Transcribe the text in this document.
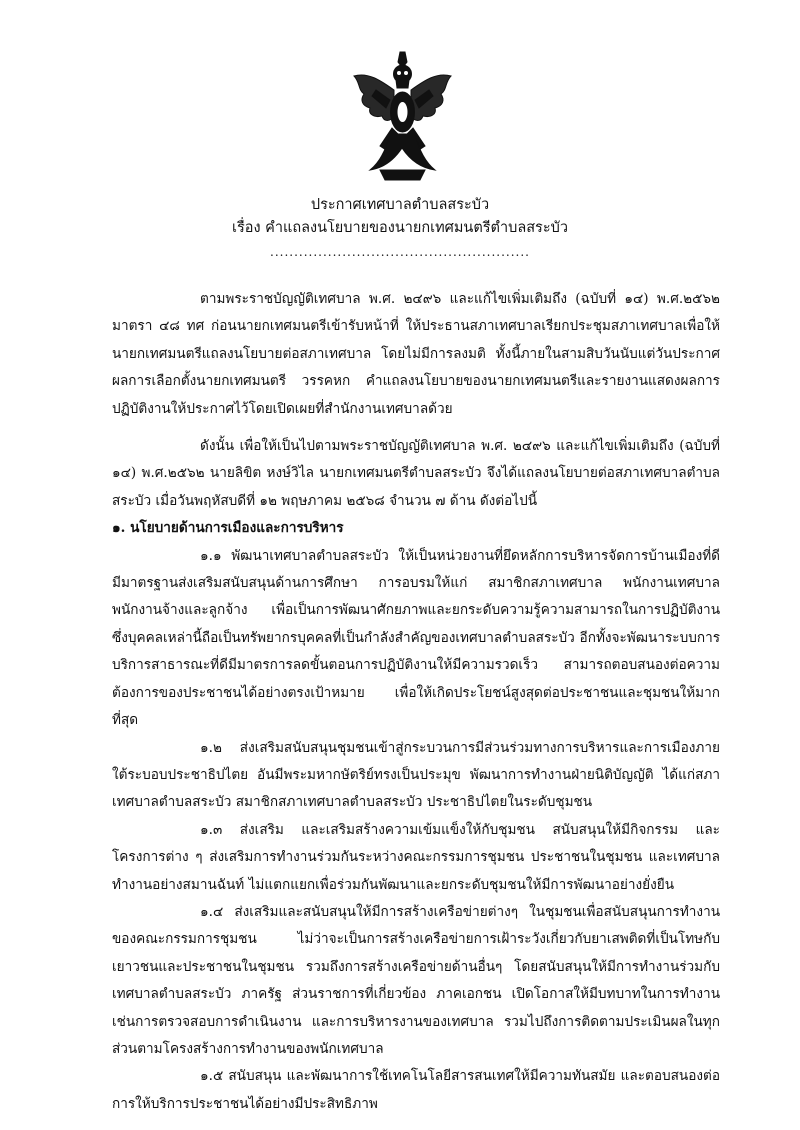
ประกาศเทศบาลตำบลสระบัว
เรื่อง คำแถลงนโยบายของนายกเทศมนตรีตำบลสระบัว
......................................................

ตามพระราชบัญญัติเทศบาล พ.ศ. ๒๔๙๖ และแก้ไขเพิ่มเติมถึง (ฉบับที่ ๑๔) พ.ศ.๒๕๖๒ มาตรา ๔๘ ทศ ก่อนนายกเทศมนตรีเข้ารับหน้าที่ ให้ประธานสภาเทศบาลเรียกประชุมสภาเทศบาลเพื่อให้นายกเทศมนตรีแถลงนโยบายต่อสภาเทศบาล โดยไม่มีการลงมติ ทั้งนี้ภายในสามสิบวันนับแต่วันประกาศผลการเลือกตั้งนายกเทศมนตรี วรรคหก คำแถลงนโยบายของนายกเทศมนตรีและรายงานแสดงผลการปฏิบัติงานให้ประกาศไว้โดยเปิดเผยที่สำนักงานเทศบาลด้วย

ดังนั้น เพื่อให้เป็นไปตามพระราชบัญญัติเทศบาล พ.ศ. ๒๔๙๖ และแก้ไขเพิ่มเติมถึง (ฉบับที่ ๑๔) พ.ศ.๒๕๖๒ นายลิขิต หงษ์วิไล นายกเทศมนตรีตำบลสระบัว จึงได้แถลงนโยบายต่อสภาเทศบาลตำบลสระบัว เมื่อวันพฤหัสบดีที่ ๑๒ พฤษภาคม ๒๕๖๘ จำนวน ๗ ด้าน ดังต่อไปนี้

๑. นโยบายด้านการเมืองและการบริหาร

๑.๑ พัฒนาเทศบาลตำบลสระบัว ให้เป็นหน่วยงานที่ยึดหลักการบริหารจัดการบ้านเมืองที่ดี มีมาตรฐานส่งเสริมสนับสนุนด้านการศึกษา การอบรมให้แก่ สมาชิกสภาเทศบาล พนักงานเทศบาล พนักงานจ้างและลูกจ้าง เพื่อเป็นการพัฒนาศักยภาพและยกระดับความรู้ความสามารถในการปฏิบัติงาน ซึ่งบุคคลเหล่านี้ถือเป็นทรัพยากรบุคคลที่เป็นกำลังสำคัญของเทศบาลตำบลสระบัว อีกทั้งจะพัฒนาระบบการบริการสาธารณะที่ดีมีมาตรการลดขั้นตอนการปฏิบัติงานให้มีความรวดเร็ว สามารถตอบสนองต่อความต้องการของประชาชนได้อย่างตรงเป้าหมาย เพื่อให้เกิดประโยชน์สูงสุดต่อประชาชนและชุมชนให้มากที่สุด

๑.๒ ส่งเสริมสนับสนุนชุมชนเข้าสู่กระบวนการมีส่วนร่วมทางการบริหารและการเมืองภายใต้ระบอบประชาธิปไตย อันมีพระมหากษัตริย์ทรงเป็นประมุข พัฒนาการทำงานฝ่ายนิติบัญญัติ ได้แก่สภาเทศบาลตำบลสระบัว สมาชิกสภาเทศบาลตำบลสระบัว ประชาธิปไตยในระดับชุมชน

๑.๓ ส่งเสริม และเสริมสร้างความเข้มแข็งให้กับชุมชน สนับสนุนให้มีกิจกรรม และโครงการต่าง ๆ ส่งเสริมการทำงานร่วมกันระหว่างคณะกรรมการชุมชน ประชาชนในชุมชน และเทศบาลทำงานอย่างสมานฉันท์ ไม่แตกแยกเพื่อร่วมกันพัฒนาและยกระดับชุมชนให้มีการพัฒนาอย่างยั่งยืน

๑.๔ ส่งเสริมและสนับสนุนให้มีการสร้างเครือข่ายต่างๆ ในชุมชนเพื่อสนับสนุนการทำงานของคณะกรรมการชุมชน ไม่ว่าจะเป็นการสร้างเครือข่ายการเฝ้าระวังเกี่ยวกับยาเสพติดที่เป็นโทษกับเยาวชนและประชาชนในชุมชน รวมถึงการสร้างเครือข่ายด้านอื่นๆ โดยสนับสนุนให้มีการทำงานร่วมกับเทศบาลตำบลสระบัว ภาครัฐ ส่วนราชการที่เกี่ยวข้อง ภาคเอกชน เปิดโอกาสให้มีบทบาทในการทำงาน เช่นการตรวจสอบการดำเนินงาน และการบริหารงานของเทศบาล รวมไปถึงการติดตามประเมินผลในทุกส่วนตามโครงสร้างการทำงานของพนักเทศบาล

๑.๕ สนับสนุน และพัฒนาการใช้เทคโนโลยีสารสนเทศให้มีความทันสมัย และตอบสนองต่อการให้บริการประชาชนได้อย่างมีประสิทธิภาพ
